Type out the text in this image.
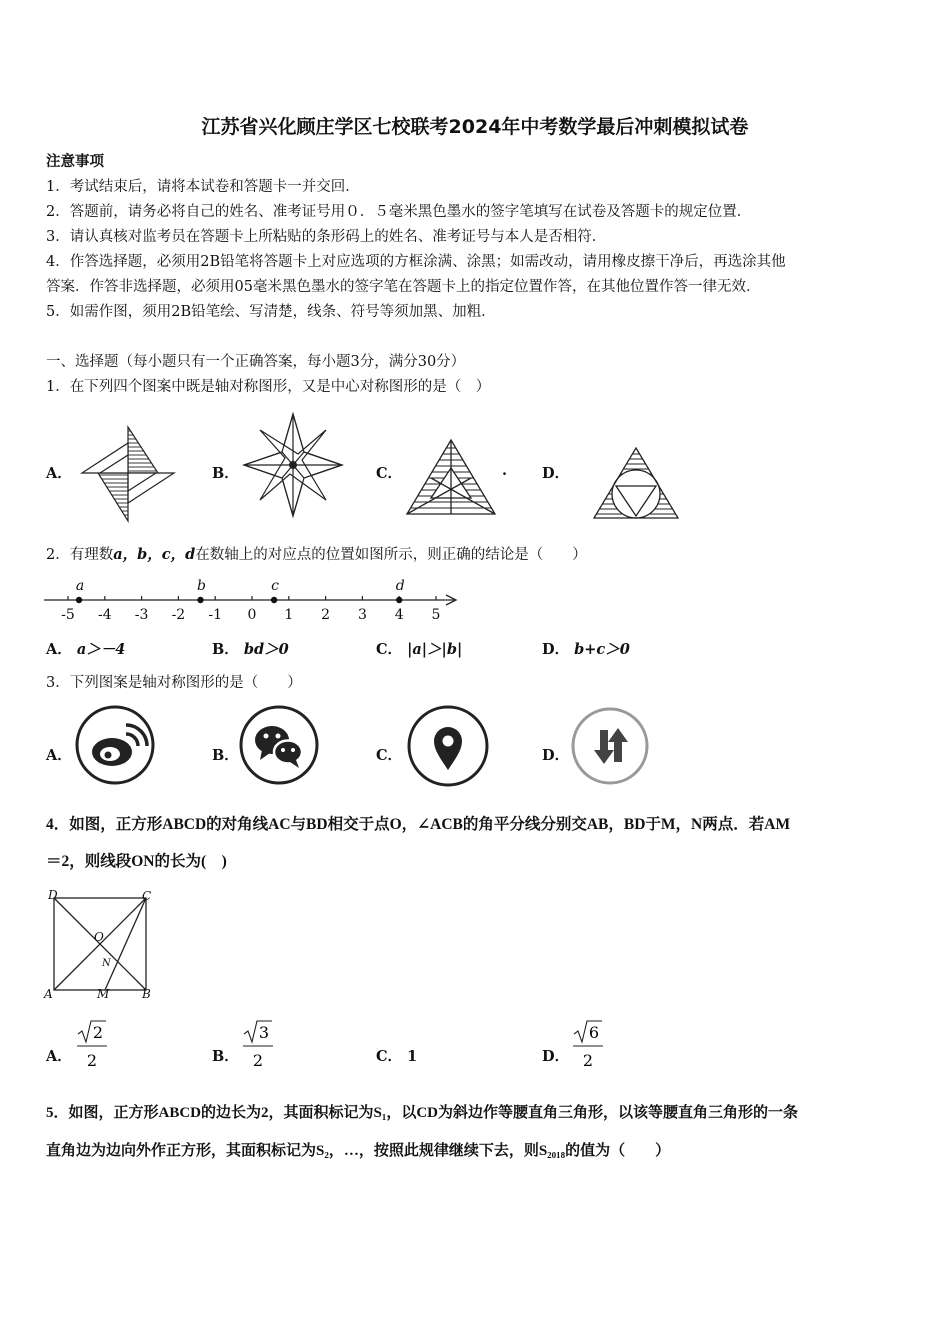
江苏省兴化顾庄学区七校联考2024年中考数学最后冲刺模拟试卷
注意事项
1．考试结束后，请将本试卷和答题卡一并交回．
2．答题前，请务必将自己的姓名、准考证号用０．５毫米黑色墨水的签字笔填写在试卷及答题卡的规定位置．
3．请认真核对监考员在答题卡上所粘贴的条形码上的姓名、准考证号与本人是否相符．
4．作答选择题，必须用2B铅笔将答题卡上对应选项的方框涂满、涂黑；如需改动，请用橡皮擦干净后，再选涂其他
答案．作答非选择题，必须用05毫米黑色墨水的签字笔在答题卡上的指定位置作答，在其他位置作答一律无效．
5．如需作图，须用2B铅笔绘、写清楚，线条、符号等须加黑、加粗．
一、选择题（每小题只有一个正确答案，每小题3分，满分30分）
1．在下列四个图案中既是轴对称图形，又是中心对称图形的是（　）
A．	B．	C．	. D．
2．有理数a，b，c，d在数轴上的对应点的位置如图所示，则正确的结论是（　　）
-5 -4 -3 -2 -1 0 1 2 3 4 5
a	b	c	d
A． a＞－4	B． bd＞0	C． |a|＞|b|	D． b+c＞0
3．下列图案是轴对称图形的是（　　）
A．	B．	C．	D．
4．如图，正方形ABCD的对角线AC与BD相交于点O，∠ACB的角平分线分别交AB，BD于M，N两点．若AM
＝2，则线段ON的长为(　)
D	C
O
N
A	M	B
A．
2
2	B．
3
2	C． 1	D．
6
2
5．如图，正方形ABCD的边长为2，其面积标记为S₁，以CD为斜边作等腰直角三角形，以该等腰直角三角形的一条
直角边为边向外作正方形，其面积标记为S₂，…，按照此规律继续下去，则S₂₀₁₈的值为（　　）
